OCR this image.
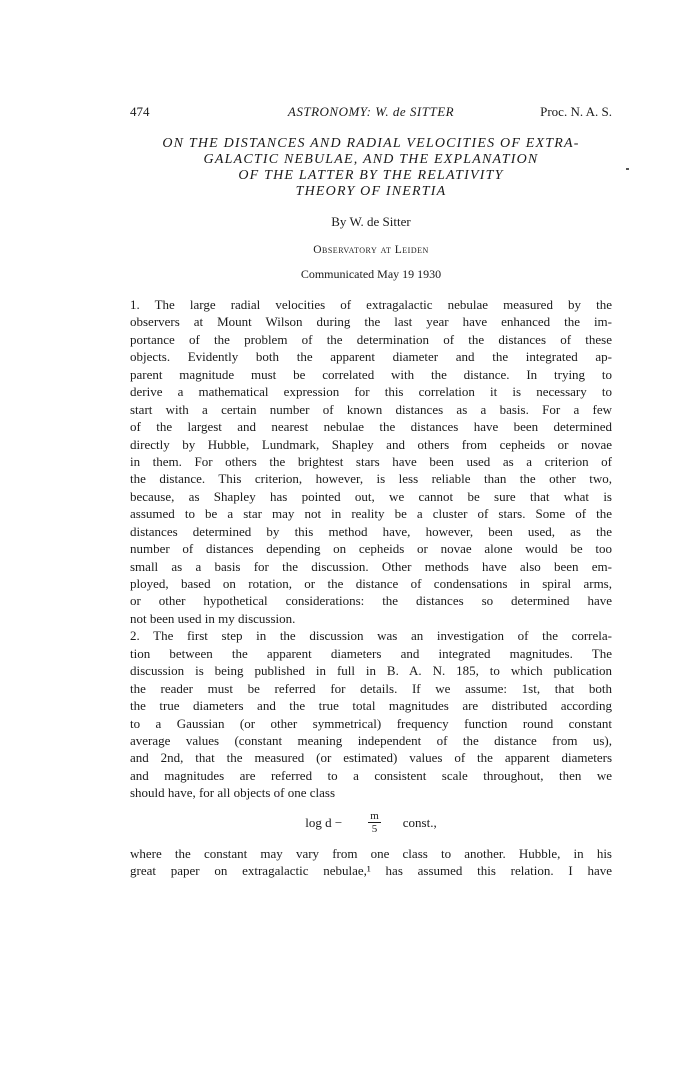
474	ASTRONOMY: W. de SITTER	Proc. N. A. S.
ON THE DISTANCES AND RADIAL VELOCITIES OF EXTRA-
GALACTIC NEBULAE, AND THE EXPLANATION
OF THE LATTER BY THE RELATIVITY
THEORY OF INERTIA
By W. de Sitter
Observatory at Leiden
Communicated May 19 1930
1. The large radial velocities of extragalactic nebulae measured by the
observers at Mount Wilson during the last year have enhanced the im-
portance of the problem of the determination of the distances of these
objects. Evidently both the apparent diameter and the integrated ap-
parent magnitude must be correlated with the distance. In trying to
derive a mathematical expression for this correlation it is necessary to
start with a certain number of known distances as a basis. For a few
of the largest and nearest nebulae the distances have been determined
directly by Hubble, Lundmark, Shapley and others from cepheids or novae
in them. For others the brightest stars have been used as a criterion of
the distance. This criterion, however, is less reliable than the other two,
because, as Shapley has pointed out, we cannot be sure that what is
assumed to be a star may not in reality be a cluster of stars. Some of the
distances determined by this method have, however, been used, as the
number of distances depending on cepheids or novae alone would be too
small as a basis for the discussion. Other methods have also been em-
ployed, based on rotation, or the distance of condensations in spiral arms,
or other hypothetical considerations: the distances so determined have
not been used in my discussion.
2. The first step in the discussion was an investigation of the correla-
tion between the apparent diameters and integrated magnitudes. The
discussion is being published in full in B. A. N. 185, to which publication
the reader must be referred for details. If we assume: 1st, that both
the true diameters and the true total magnitudes are distributed according
to a Gaussian (or other symmetrical) frequency function round constant
average values (constant meaning independent of the distance from us),
and 2nd, that the measured (or estimated) values of the apparent diameters
and magnitudes are referred to a consistent scale throughout, then we
should have, for all objects of one class
$\log d - \frac{m}{5}$ const.,
where the constant may vary from one class to another. Hubble, in his
great paper on extragalactic nebulae,¹ has assumed this relation. I have
